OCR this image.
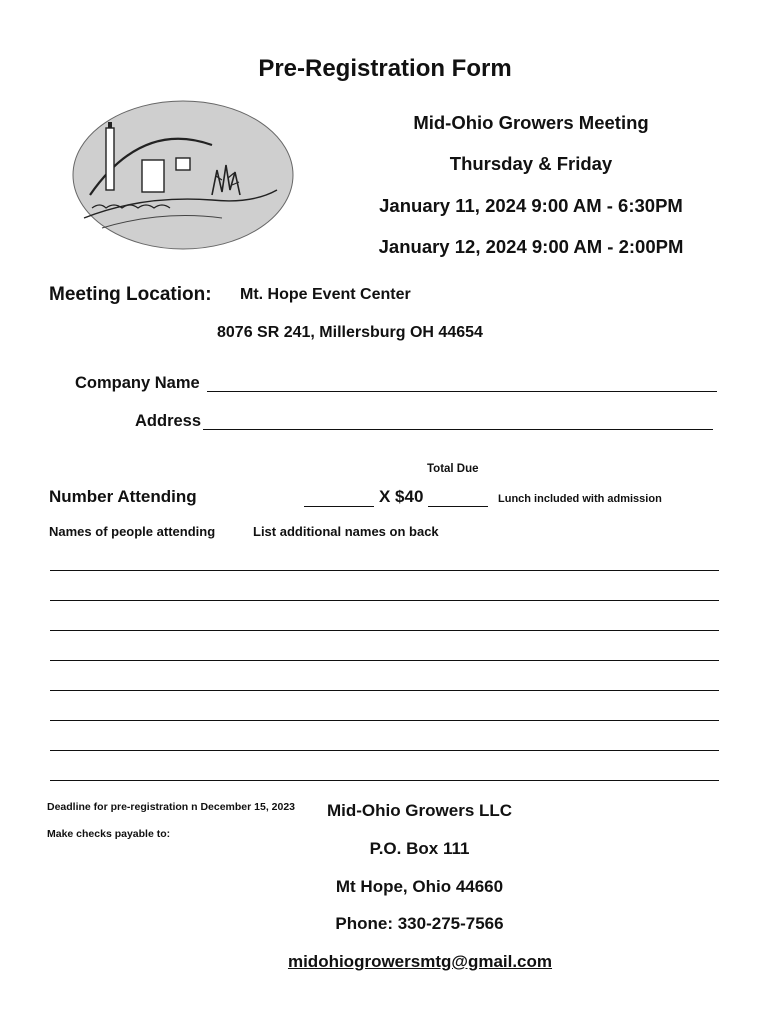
Pre-Registration Form
Mid-Ohio Growers Meeting
Thursday & Friday
January 11, 2024 9:00 AM - 6:30PM
January 12, 2024 9:00 AM - 2:00PM
Meeting Location: Mt. Hope Event Center
8076 SR 241, Millersburg OH 44654
Company Name
Address
Total Due
Number Attending	X $40	Lunch included with admission
Names of people attending	List additional names on back
Deadline for pre-registration n December 15, 2023
Make checks payable to:
Mid-Ohio Growers LLC
P.O. Box 111
Mt Hope, Ohio 44660
Phone: 330-275-7566
midohiogrowersmtg@gmail.com
